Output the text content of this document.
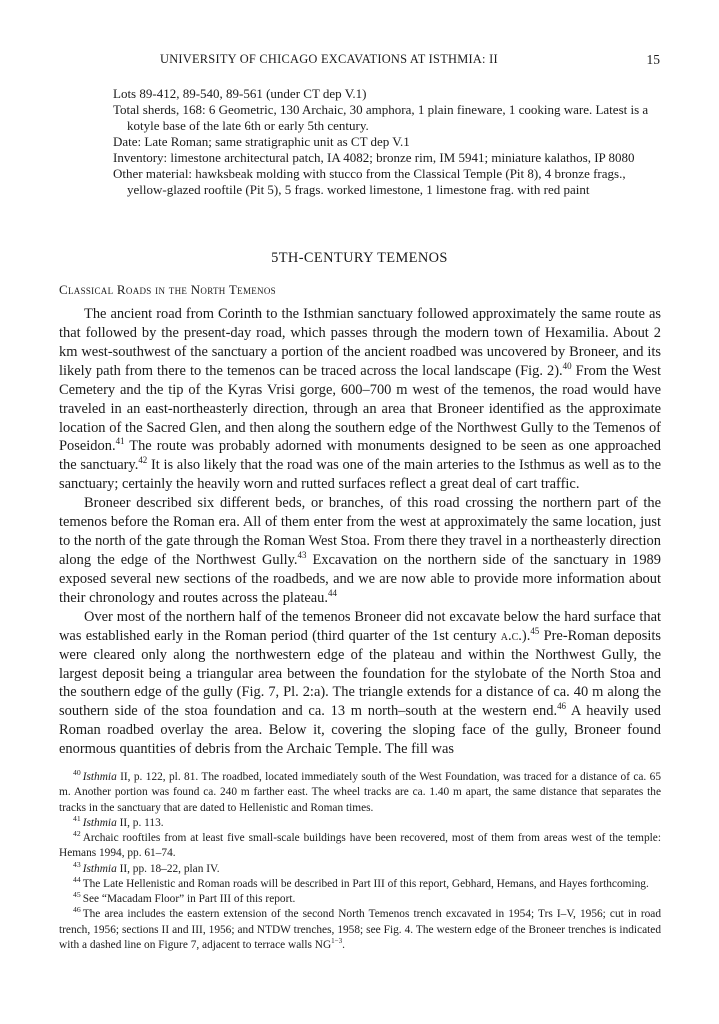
UNIVERSITY OF CHICAGO EXCAVATIONS AT ISTHMIA: II	15

Lots 89-412, 89-540, 89-561 (under CT dep V.1)

Total sherds, 168: 6 Geometric, 130 Archaic, 30 amphora, 1 plain fineware, 1 cooking ware. Latest is a kotyle base of the late 6th or early 5th century.

Date: Late Roman; same stratigraphic unit as CT dep V.1

Inventory: limestone architectural patch, IA 4082; bronze rim, IM 5941; miniature kalathos, IP 8080

Other material: hawksbeak molding with stucco from the Classical Temple (Pit 8), 4 bronze frags., yellow-glazed rooftile (Pit 5), 5 frags. worked limestone, 1 limestone frag. with red paint

5TH-CENTURY TEMENOS
Classical Roads in the North Temenos

The ancient road from Corinth to the Isthmian sanctuary followed approximately the same route as that followed by the present-day road, which passes through the modern town of Hexamilia. About 2 km west-southwest of the sanctuary a portion of the ancient roadbed was uncovered by Broneer, and its likely path from there to the temenos can be traced across the local landscape (Fig. 2).$^{40}$ From the West Cemetery and the tip of the Kyras Vrisi gorge, 600–700 m west of the temenos, the road would have traveled in an east-northeasterly direction, through an area that Broneer identified as the approximate location of the Sacred Glen, and then along the southern edge of the Northwest Gully to the Temenos of Poseidon.$^{41}$ The route was probably adorned with monuments designed to be seen as one approached the sanctuary.$^{42}$ It is also likely that the road was one of the main arteries to the Isthmus as well as to the sanctuary; certainly the heavily worn and rutted surfaces reflect a great deal of cart traffic.

Broneer described six different beds, or branches, of this road crossing the northern part of the temenos before the Roman era. All of them enter from the west at approximately the same location, just to the north of the gate through the Roman West Stoa. From there they travel in a northeasterly direction along the edge of the Northwest Gully.$^{43}$ Excavation on the northern side of the sanctuary in 1989 exposed several new sections of the roadbeds, and we are now able to provide more information about their chronology and routes across the plateau.$^{44}$

Over most of the northern half of the temenos Broneer did not excavate below the hard surface that was established early in the Roman period (third quarter of the 1st century a.c.).$^{45}$ Pre-Roman deposits were cleared only along the northwestern edge of the plateau and within the Northwest Gully, the largest deposit being a triangular area between the foundation for the stylobate of the North Stoa and the southern edge of the gully (Fig. 7, Pl. 2:a). The triangle extends for a distance of ca. 40 m along the southern side of the stoa foundation and ca. 13 m north–south at the western end.$^{46}$ A heavily used Roman roadbed overlay the area. Below it, covering the sloping face of the gully, Broneer found enormous quantities of debris from the Archaic Temple. The fill was

$^{40}$ Isthmia II, p. 122, pl. 81. The roadbed, located immediately south of the West Foundation, was traced for a distance of ca. 65 m. Another portion was found ca. 240 m farther east. The wheel tracks are ca. 1.40 m apart, the same distance that separates the tracks in the sanctuary that are dated to Hellenistic and Roman times.

$^{41}$ Isthmia II, p. 113.

$^{42}$ Archaic rooftiles from at least five small-scale buildings have been recovered, most of them from areas west of the temple: Hemans 1994, pp. 61–74.

$^{43}$ Isthmia II, pp. 18–22, plan IV.

$^{44}$ The Late Hellenistic and Roman roads will be described in Part III of this report, Gebhard, Hemans, and Hayes forthcoming.

$^{45}$ See “Macadam Floor” in Part III of this report.

$^{46}$ The area includes the eastern extension of the second North Temenos trench excavated in 1954; Trs I–V, 1956; cut in road trench, 1956; sections II and III, 1956; and NTDW trenches, 1958; see Fig. 4. The western edge of the Broneer trenches is indicated with a dashed line on Figure 7, adjacent to terrace walls $NG^{1-3}$.
